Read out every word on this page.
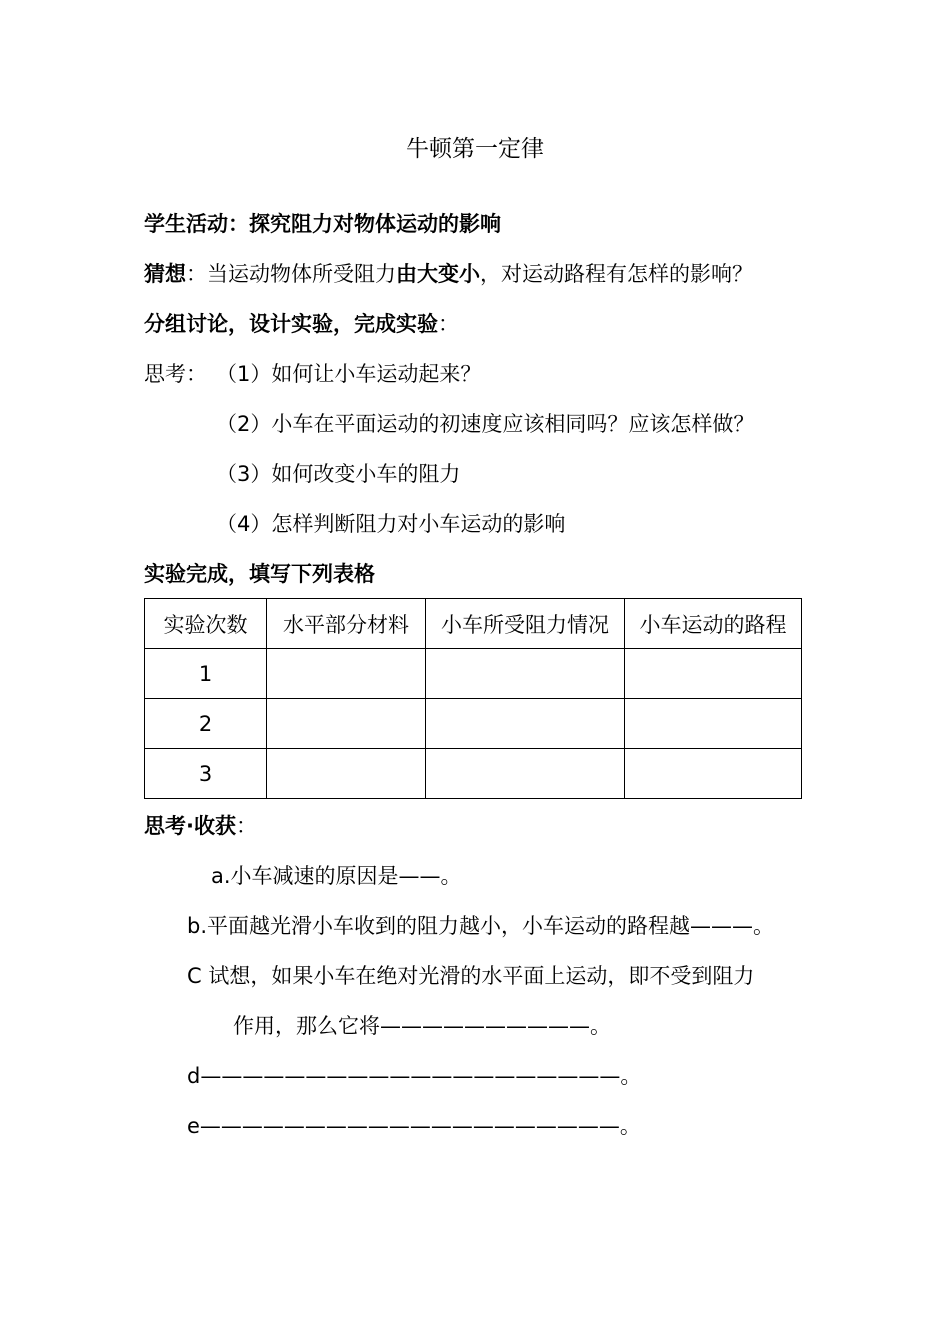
牛顿第一定律
学生活动：探究阻力对物体运动的影响
猜想：当运动物体所受阻力由大变小，对运动路程有怎样的影响？
分组讨论，设计实验，完成实验：
思考： （1）如何让小车运动起来？
（2）小车在平面运动的初速度应该相同吗？应该怎样做？
（3）如何改变小车的阻力
（4）怎样判断阻力对小车运动的影响
实验完成，填写下列表格
实验次数	水平部分材料	小车所受阻力情况	小车运动的路程
1			
2			
3			
思考·收获：
a.小车减速的原因是——。
b.平面越光滑小车收到的阻力越小，小车运动的路程越———。
C 试想，如果小车在绝对光滑的水平面上运动，即不受到阻力
作用，那么它将——————————。
d————————————————————。
e————————————————————。
